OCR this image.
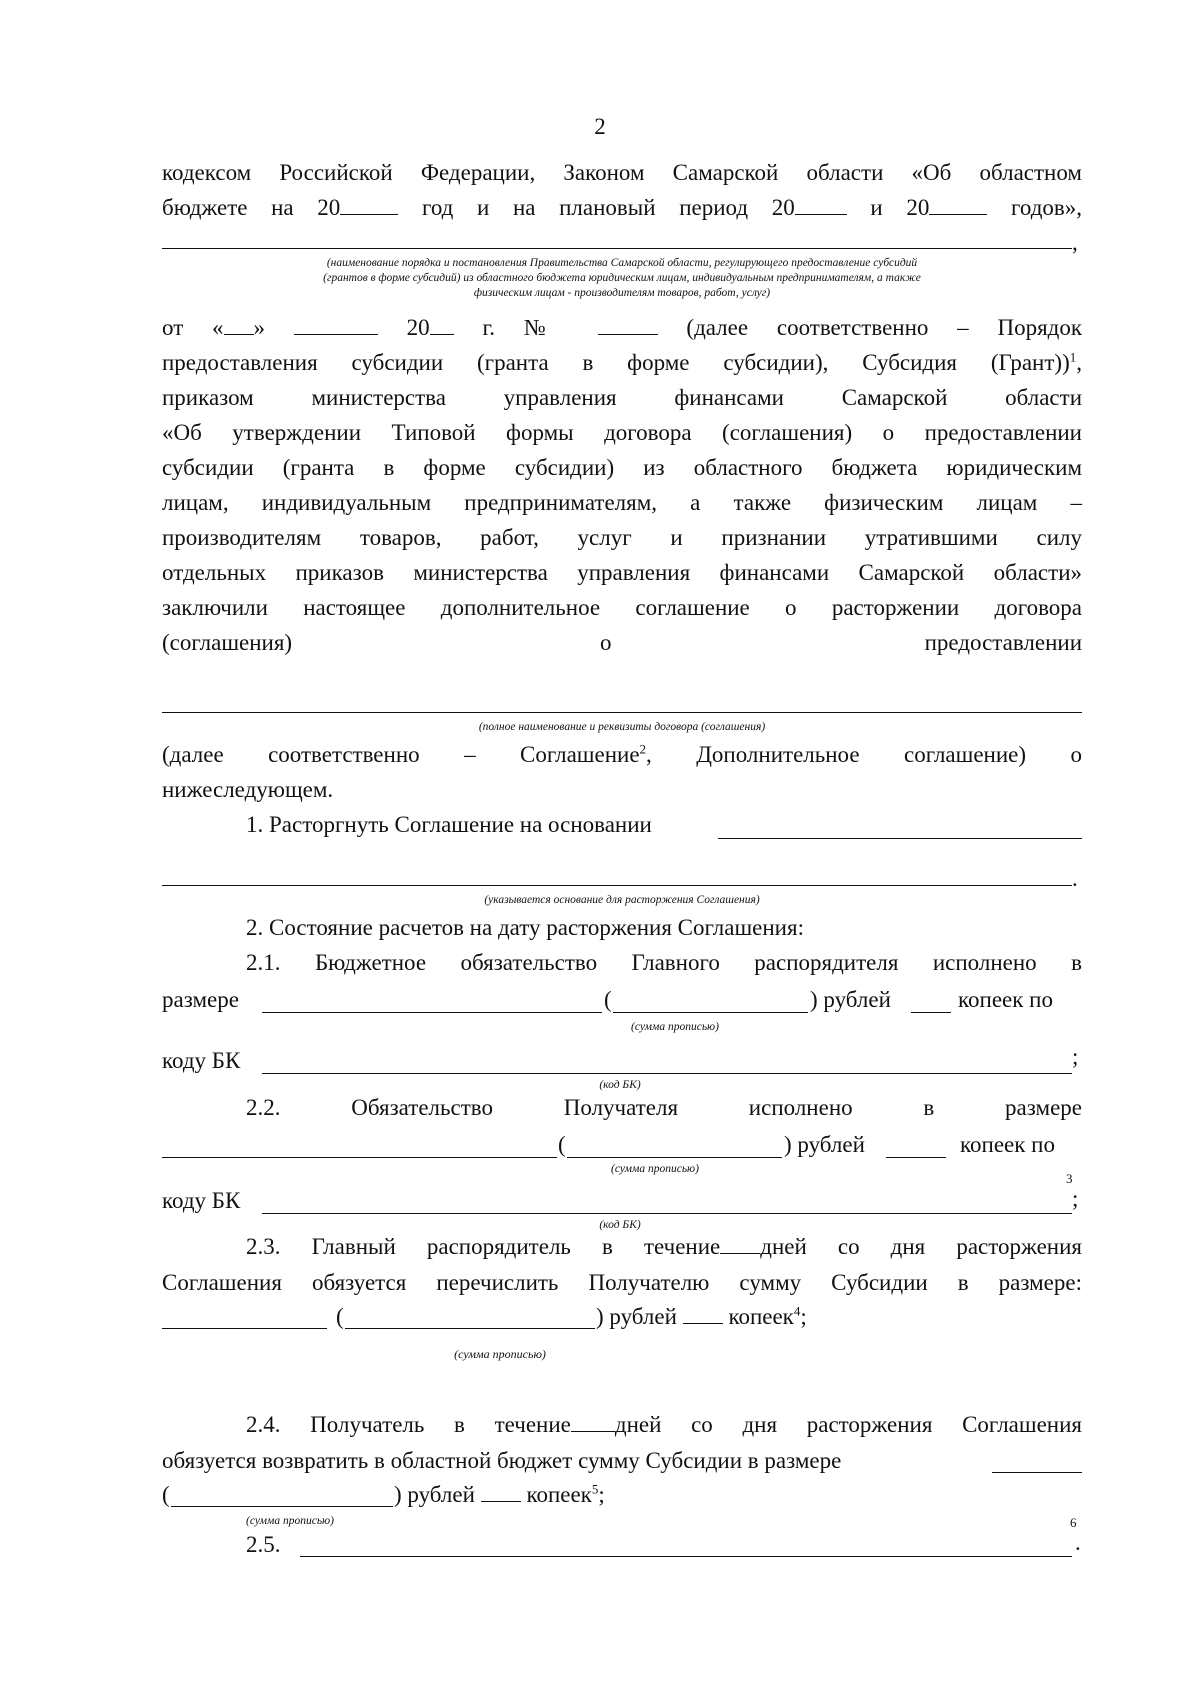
2
кодексом Российской Федерации, Законом Самарской области «Об областном
бюджете на 20	год и на плановый период 20	и 20	годов»,
,
(наименование порядка и постановления Правительства Самарской области, регулирующего предоставление субсидий
(грантов в форме субсидий) из областного бюджета юридическим лицам, индивидуальным предпринимателям, а также
физическим лицам - производителям товаров, работ, услуг)
от « »	20 г. №	(далее соответственно – Порядок
предоставления субсидии (гранта в форме субсидии), Субсидия (Грант))$^1$,
приказом министерства управления финансами Самарской области
«Об утверждении Типовой формы договора (соглашения) о предоставлении
субсидии (гранта в форме субсидии) из областного бюджета юридическим
лицам, индивидуальным предпринимателям, а также физическим лицам –
производителям товаров, работ, услуг и признании утратившими силу
отдельных приказов министерства управления финансами Самарской области»
заключили настоящее дополнительное соглашение о расторжении договора
(соглашения)	о	предоставлении
(полное наименование и реквизиты договора (соглашения)
(далее соответственно – Соглашение$^2$, Дополнительное соглашение) о
нижеследующем.
1. Расторгнуть Соглашение на основании
.
(указывается основание для расторжения Соглашения)
2. Состояние расчетов на дату расторжения Соглашения:
2.1. Бюджетное обязательство Главного распорядителя исполнено в
размере	(	) рублей	копеек по
(сумма прописью)
коду БК	;
(код БК)
2.2. Обязательство Получателя исполнено в размере
(	) рублей	копеек по
(сумма прописью)
коду БК
3
;
(код БК)
2.3. Главный распорядитель в течение дней со дня расторжения
Соглашения обязуется перечислить Получателю сумму Субсидии в размере:
(	) рублей копеек$^4$;
(сумма прописью)
2.4. Получатель в течение дней со дня расторжения Соглашения
обязуется возвратить в областной бюджет сумму Субсидии в размере
(	) рублей копеек$^5$;
(сумма прописью)
2.5.
6
.
